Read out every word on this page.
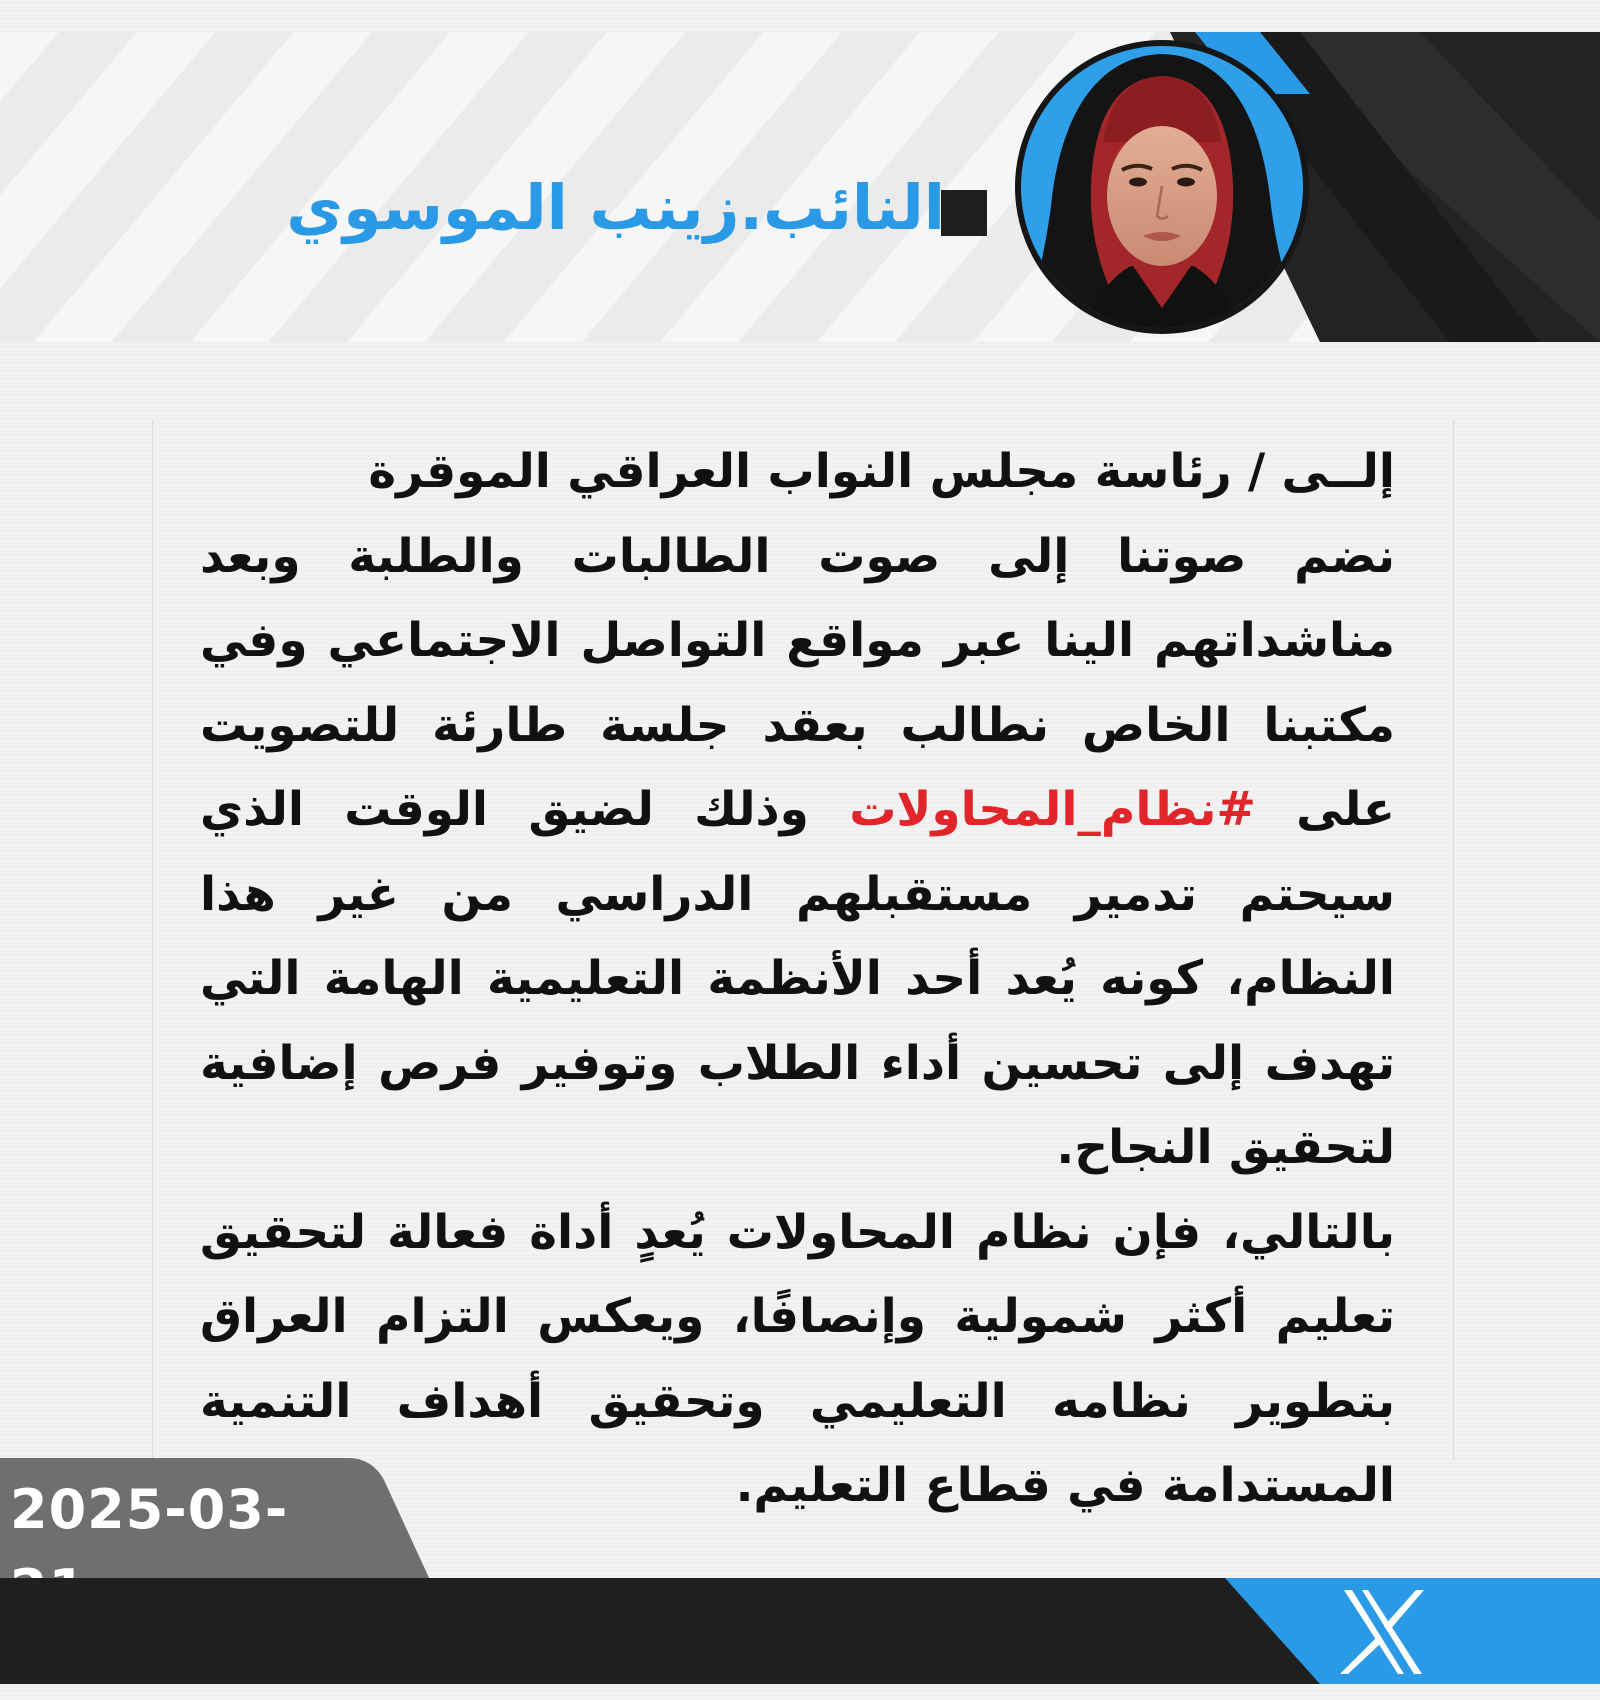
النائب.زينب الموسوي

إلــى / رئاسة مجلس النواب العراقي الموقرة

نضم صوتنا إلى صوت الطالبات والطلبة وبعد مناشداتهم الينا عبر مواقع التواصل الاجتماعي وفي مكتبنا الخاص نطالب بعقد جلسة طارئة للتصويت على #نظام_المحاولات وذلك لضيق الوقت الذي سيحتم تدمير مستقبلهم الدراسي من غير هذا النظام، كونه يُعد أحد الأنظمة التعليمية الهامة التي تهدف إلى تحسين أداء الطلاب وتوفير فرص إضافية لتحقيق النجاح.

بالتالي، فإن نظام المحاولات يُعدٍ أداة فعالة لتحقيق تعليم أكثر شمولية وإنصافًا، ويعكس التزام العراق بتطوير نظامه التعليمي وتحقيق أهداف التنمية المستدامة في قطاع التعليم.

2025-03-
